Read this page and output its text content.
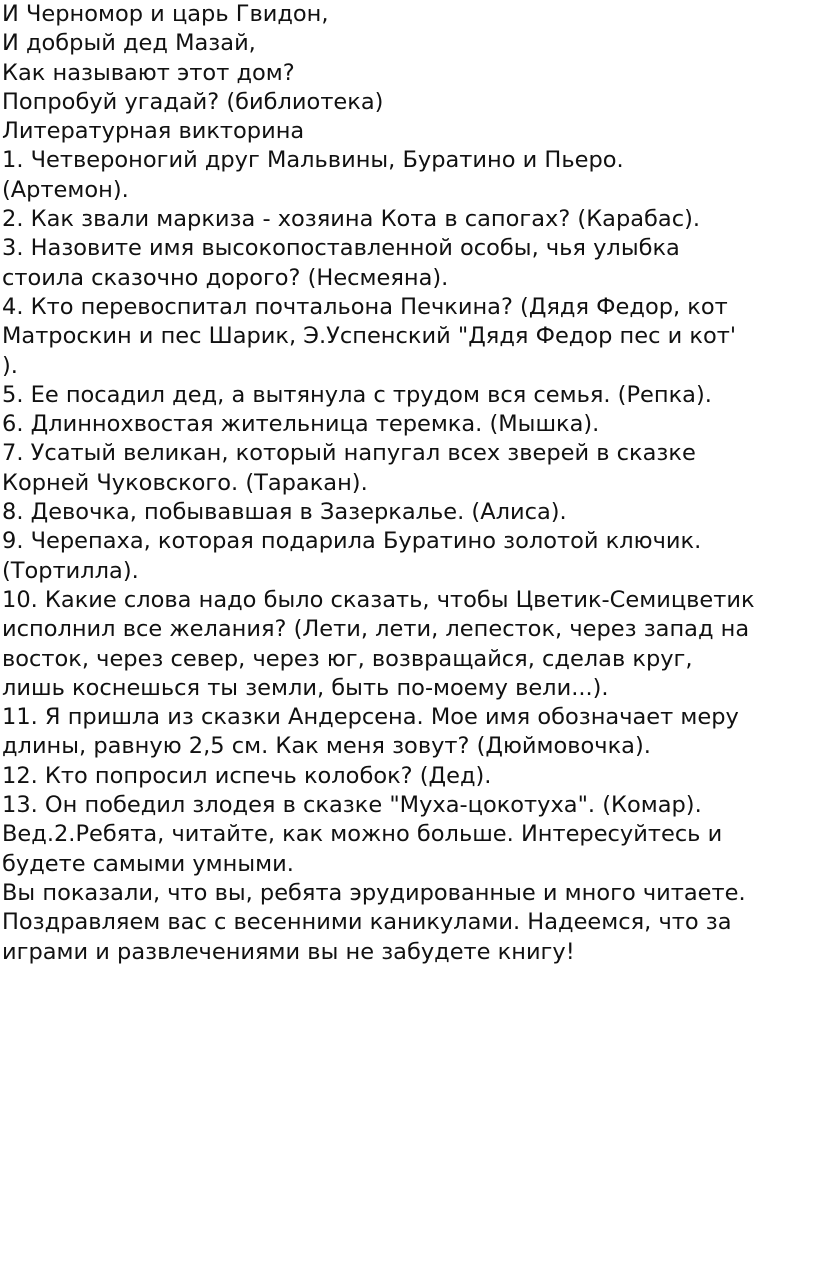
И Черномор и царь Гвидон,
И добрый дед Мазай,
Как называют этот дом?
Попробуй угадай? (библиотека)
Литературная викторина
1. Четвероногий друг Мальвины, Буратино и Пьеро.
(Артемон).
2. Как звали маркиза - хозяина Кота в сапогах? (Карабас).
3. Назовите имя высокопоставленной особы, чья улыбка
стоила сказочно дорого? (Несмеяна).
4. Кто перевоспитал почтальона Печкина? (Дядя Федор, кот
Матроскин и пес Шарик, Э.Успенский "Дядя Федор пес и кот'
).
5. Ее посадил дед, а вытянула с трудом вся семья. (Репка).
6. Длиннохвостая жительница теремка. (Мышка).
7. Усатый великан, который напугал всех зверей в сказке
Корней Чуковского. (Таракан).
8. Девочка, побывавшая в Зазеркалье. (Алиса).
9. Черепаха, которая подарила Буратино золотой ключик.
(Тортилла).
10. Какие слова надо было сказать, чтобы Цветик-Семицветик
исполнил все желания? (Лети, лети, лепесток, через запад на
восток, через север, через юг, возвращайся, сделав круг,
лишь коснешься ты земли, быть по-моему вели...).
11. Я пришла из сказки Андерсена. Мое имя обозначает меру
длины, равную 2,5 см. Как меня зовут? (Дюймовочка).
12. Кто попросил испечь колобок? (Дед).
13. Он победил злодея в сказке "Муха-цокотуха". (Комар).
Вед.2.Ребята, читайте, как можно больше. Интересуйтесь и
будете самыми умными.
Вы показали, что вы, ребята эрудированные и много читаете.
Поздравляем вас с весенними каникулами. Надеемся, что за
играми и развлечениями вы не забудете книгу!
